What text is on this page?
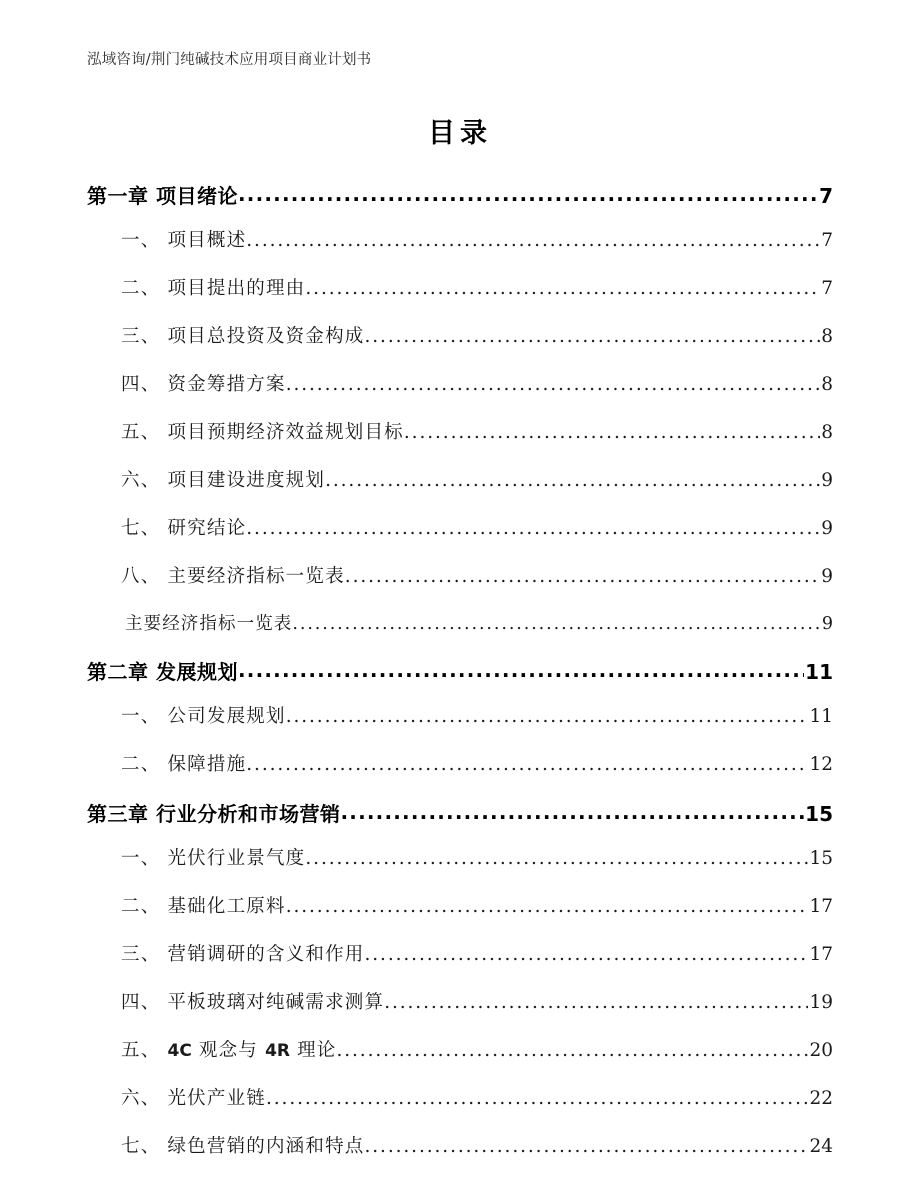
泓域咨询/荆门纯碱技术应用项目商业计划书
目录
第一章 项目绪论 .....	7
一、 项目概述 .....	7
二、 项目提出的理由 .....	7
三、 项目总投资及资金构成 .....	8
四、 资金筹措方案 .....	8
五、 项目预期经济效益规划目标 .....	8
六、 项目建设进度规划 .....	9
七、 研究结论 .....	9
八、 主要经济指标一览表 .....	9
主要经济指标一览表 .....	9
第二章 发展规划 .....	11
一、 公司发展规划 .....	11
二、 保障措施 .....	12
第三章 行业分析和市场营销 .....	15
一、 光伏行业景气度 .....	15
二、 基础化工原料 .....	17
三、 营销调研的含义和作用 .....	17
四、 平板玻璃对纯碱需求测算 .....	19
五、 4C 观念与 4R 理论 .....	20
六、 光伏产业链 .....	22
七、 绿色营销的内涵和特点 .....	24
